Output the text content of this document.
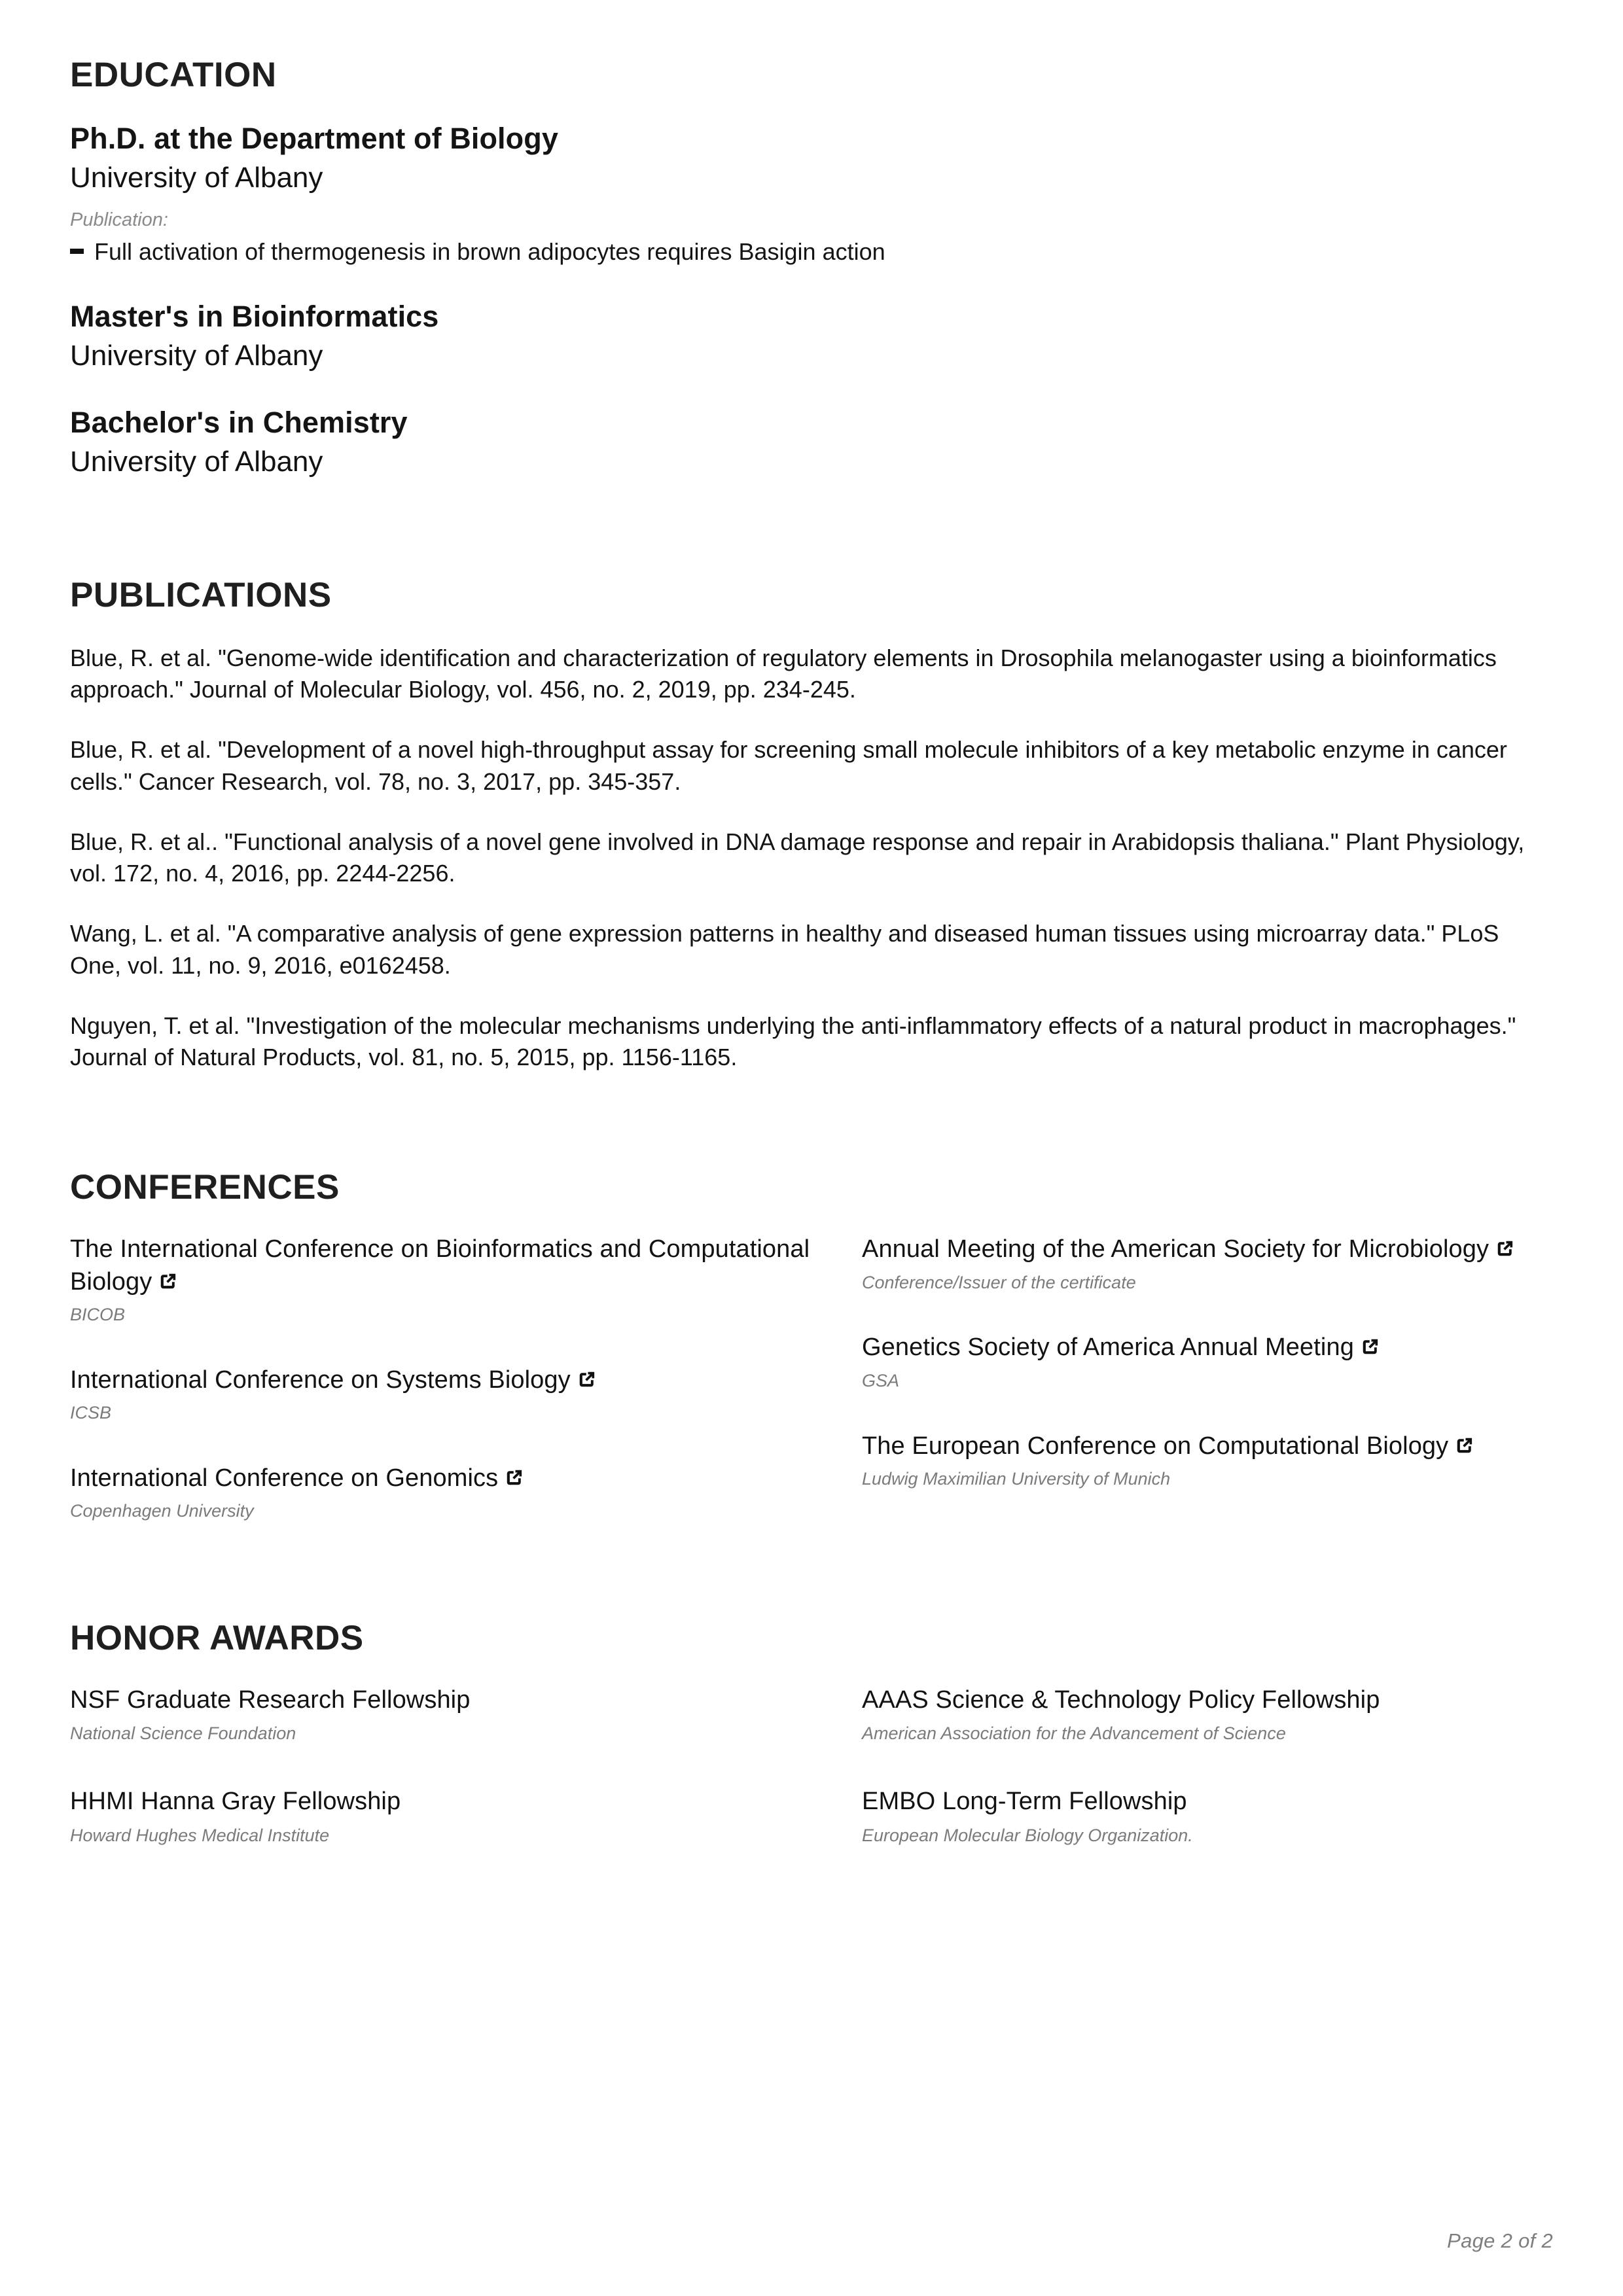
EDUCATION
Ph.D. at the Department of Biology
University of Albany
Publication:
Full activation of thermogenesis in brown adipocytes requires Basigin action
Master's in Bioinformatics
University of Albany
Bachelor's in Chemistry
University of Albany
PUBLICATIONS

Blue, R. et al. "Genome-wide identification and characterization of regulatory elements in Drosophila melanogaster using a bioinformatics approach." Journal of Molecular Biology, vol. 456, no. 2, 2019, pp. 234-245.

Blue, R. et al. "Development of a novel high-throughput assay for screening small molecule inhibitors of a key metabolic enzyme in cancer cells." Cancer Research, vol. 78, no. 3, 2017, pp. 345-357.

Blue, R. et al.. "Functional analysis of a novel gene involved in DNA damage response and repair in Arabidopsis thaliana." Plant Physiology, vol. 172, no. 4, 2016, pp. 2244-2256.

Wang, L. et al. "A comparative analysis of gene expression patterns in healthy and diseased human tissues using microarray data." PLoS One, vol. 11, no. 9, 2016, e0162458.

Nguyen, T. et al. "Investigation of the molecular mechanisms underlying the anti-inflammatory effects of a natural product in macrophages." Journal of Natural Products, vol. 81, no. 5, 2015, pp. 1156-1165.

CONFERENCES
The International Conference on Bioinformatics and Computational Biology
BICOB
International Conference on Systems Biology
ICSB
International Conference on Genomics
Copenhagen University
Annual Meeting of the American Society for Microbiology
Conference/Issuer of the certificate
Genetics Society of America Annual Meeting
GSA
The European Conference on Computational Biology
Ludwig Maximilian University of Munich
HONOR AWARDS
NSF Graduate Research Fellowship
National Science Foundation
HHMI Hanna Gray Fellowship
Howard Hughes Medical Institute
AAAS Science & Technology Policy Fellowship
American Association for the Advancement of Science
EMBO Long-Term Fellowship
European Molecular Biology Organization.
Page 2 of 2
